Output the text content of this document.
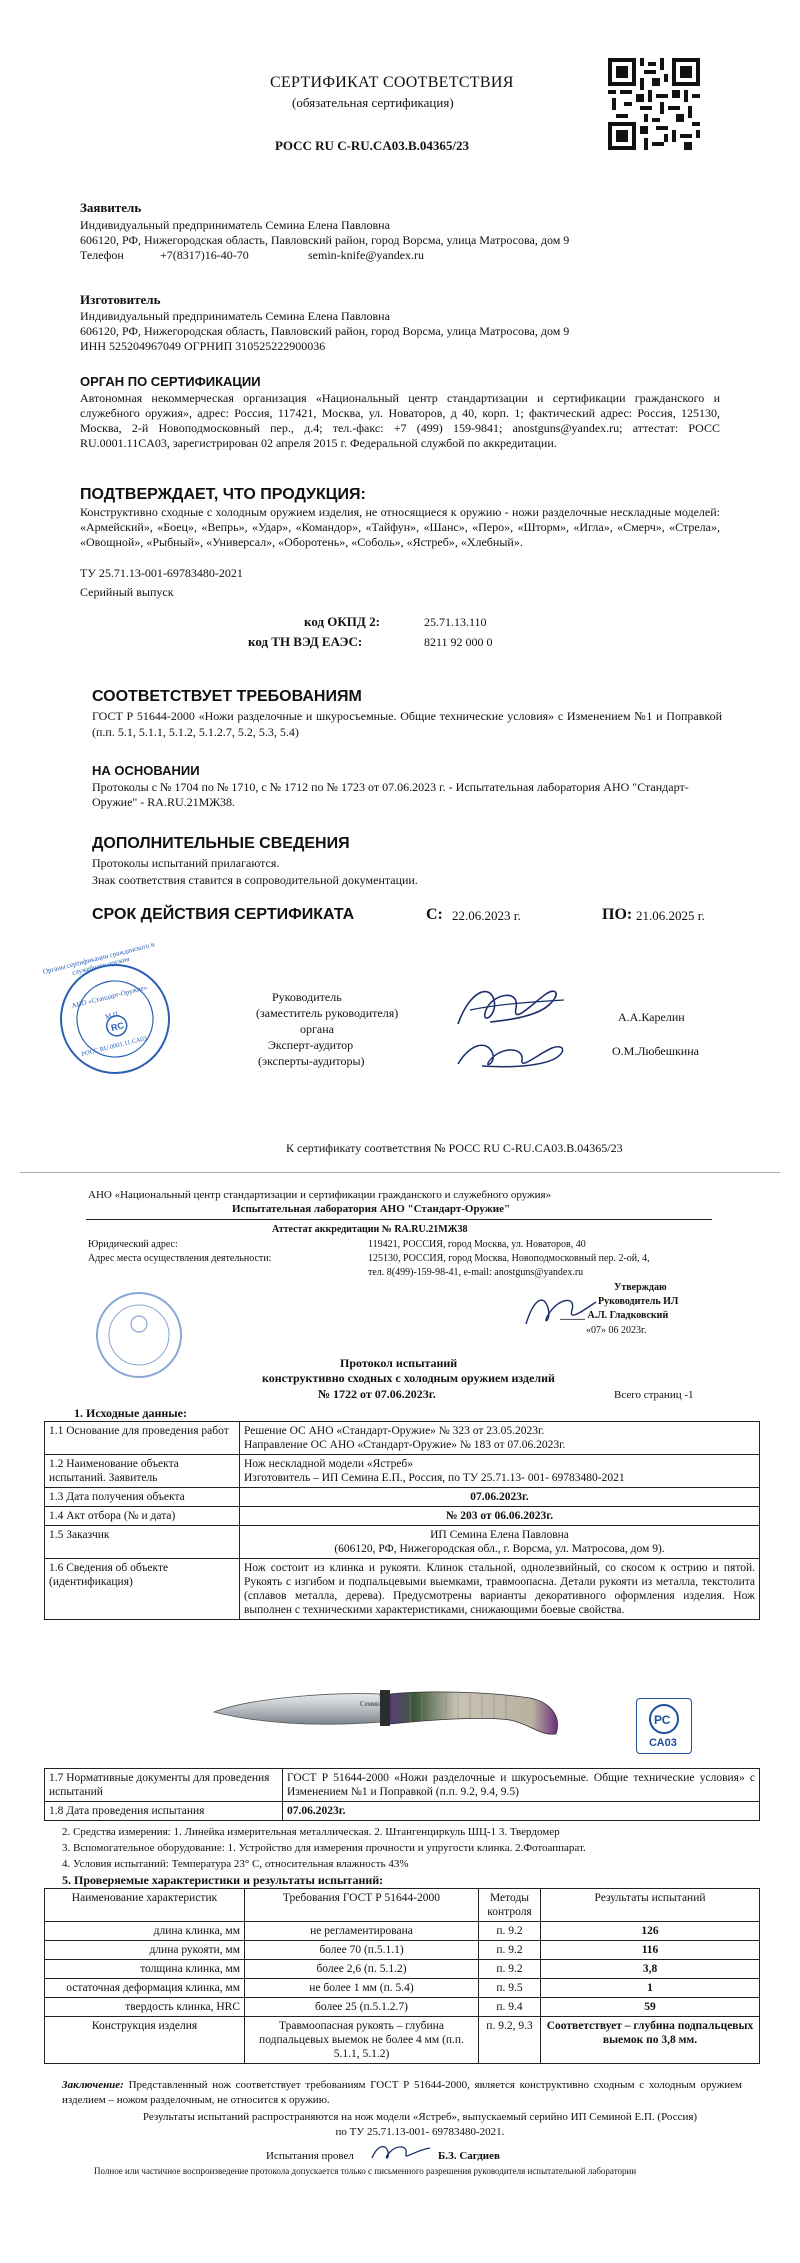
СЕРТИФИКАТ СООТВЕТСТВИЯ
(обязательная сертификация)
РОСС RU C-RU.CA03.B.04365/23
Заявитель
Индивидуальный предприниматель Семина Елена Павловна
606120, РФ, Нижегородская область, Павловский район, город Ворсма, улица Матросова, дом 9
Телефон	+7(8317)16-40-70	semin-knife@yandex.ru
Изготовитель
Индивидуальный предприниматель Семина Елена Павловна
606120, РФ, Нижегородская область, Павловский район, город Ворсма, улица Матросова, дом 9
ИНН 525204967049 ОГРНИП 310525222900036
ОРГАН ПО СЕРТИФИКАЦИИ
Автономная некоммерческая организация «Национальный центр стандартизации и сертификации гражданского и служебного оружия», адрес: Россия, 117421, Москва, ул. Новаторов, д 40, корп. 1; фактический адрес: Россия, 125130, Москва, 2-й Новоподмосковный пер., д.4; тел.-факс: +7 (499) 159-9841; anostguns@yandex.ru; аттестат: РОСС RU.0001.11CA03, зарегистрирован 02 апреля 2015 г. Федеральной службой по аккредитации.
ПОДТВЕРЖДАЕТ, ЧТО ПРОДУКЦИЯ:
Конструктивно сходные с холодным оружием изделия, не относящиеся к оружию - ножи разделочные нескладные моделей: «Армейский», «Боец», «Вепрь», «Удар», «Командор», «Тайфун», «Шанс», «Перо», «Шторм», «Игла», «Смерч», «Стрела», «Овощной», «Рыбный», «Универсал», «Оборотень», «Соболь», «Ястреб», «Хлебный».
ТУ 25.71.13-001-69783480-2021
Серийный выпуск
код ОКПД 2:	25.71.13.110
код ТН ВЭД ЕАЭС:	8211 92 000 0
СООТВЕТСТВУЕТ ТРЕБОВАНИЯМ
ГОСТ Р 51644-2000 «Ножи разделочные и шкуросъемные. Общие технические условия» с Изменением №1 и Поправкой (п.п. 5.1, 5.1.1, 5.1.2, 5.1.2.7, 5.2, 5.3, 5.4)
НА ОСНОВАНИИ
Протоколы с № 1704 по № 1710, с № 1712 по № 1723 от 07.06.2023 г. - Испытательная лаборатория АНО "Стандарт-Оружие" - RA.RU.21МЖ38.
ДОПОЛНИТЕЛЬНЫЕ СВЕДЕНИЯ
Протоколы испытаний прилагаются.
Знак соответствия ставится в сопроводительной документации.
СРОК ДЕЙСТВИЯ СЕРТИФИКАТА	С: 22.06.2023 г.	ПО: 21.06.2025 г.
RС
Органы сертификации гражданского и служебного оружия
АНО «Стандарт-Оружие»
М.П.
РОСС RU.0001.11.СА03
Руководитель
(заместитель руководителя)
органа
Эксперт-аудитор
(эксперты-аудиторы)
А.А.Карелин
О.М.Любешкина
К сертификату соответствия № РОСС RU C-RU.CA03.B.04365/23
АНО «Национальный центр стандартизации и сертификации гражданского и служебного оружия»
Испытательная лаборатория АНО "Стандарт-Оружие"
Аттестат аккредитации № RA.RU.21МЖ38
Юридический адрес:	119421, РОССИЯ, город Москва, ул. Новаторов, 40
Адрес места осуществления деятельности:	125130, РОССИЯ, город Москва, Новоподмосковный пер. 2-ой, 4,
тел. 8(499)-159-98-41, e-mail: anostguns@yandex.ru
Утверждаю
Руководитель ИЛ
_____ А.Л. Гладковский
«07» 06 2023г.
Протокол испытаний
конструктивно сходных с холодным оружием изделий
№ 1722 от 07.06.2023г.	Всего страниц -1
1. Исходные данные:
1.1 Основание для проведения работ	Решение ОС АНО «Стандарт-Оружие» № 323 от 23.05.2023г.
Направление ОС АНО «Стандарт-Оружие» № 183 от 07.06.2023г.
1.2 Наименование объекта испытаний. Заявитель	Нож нескладной модели «Ястреб»
Изготовитель – ИП Семина Е.П., Россия, по ТУ 25.71.13- 001- 69783480-2021
1.3 Дата получения объекта	07.06.2023г.
1.4 Акт отбора (№ и дата)	№ 203 от 06.06.2023г.
1.5 Заказчик	ИП Семина Елена Павловна
(606120, РФ, Нижегородская обл., г. Ворсма, ул. Матросова, дом 9).
1.6 Сведения об объекте (идентификация)	Нож состоит из клинка и рукояти. Клинок стальной, однолезвийный, со скосом к острию и пятой. Рукоять с изгибом и подпальцевыми выемками, травмоопасна. Детали рукояти из металла, текстолита (сплавов металла, дерева). Предусмотрены варианты декоративного оформления изделия. Нож выполнен с техническими характеристиками, снижающими боевые свойства.
Семин
РС
СА03
1.7 Нормативные документы для проведения испытаний	ГОСТ Р 51644-2000 «Ножи разделочные и шкуросъемные. Общие технические условия» с Изменением №1 и Поправкой (п.п. 9.2, 9.4, 9.5)
1.8 Дата проведения испытания	07.06.2023г.
2. Средства измерения: 1. Линейка измерительная металлическая. 2. Штангенциркуль ШЦ-1 3. Твердомер
3. Вспомогательное оборудование: 1. Устройство для измерения прочности и упругости клинка. 2.Фотоаппарат.
4. Условия испытаний: Температура 23° С, относительная влажность 43%
5. Проверяемые характеристики и результаты испытаний:
Наименование характеристик	Требования ГОСТ Р 51644-2000	Методы контроля	Результаты испытаний
длина клинка, мм	не регламентирована	п. 9.2	126
длина рукояти, мм	более 70 (п.5.1.1)	п. 9.2	116
толщина клинка, мм	более 2,6 (п. 5.1.2)	п. 9.2	3,8
остаточная деформация клинка, мм	не более 1 мм (п. 5.4)	п. 9.5	1
твердость клинка, HRC	более 25 (п.5.1.2.7)	п. 9.4	59
Конструкция изделия	Травмоопасная рукоять – глубина подпальцевых выемок не более 4 мм (п.п. 5.1.1, 5.1.2)	п. 9.2, 9.3	Соответствует – глубина подпальцевых выемок по 3,8 мм.
Заключение: Представленный нож соответствует требованиям ГОСТ Р 51644-2000, является конструктивно сходным с холодным оружием изделием – ножом разделочным, не относится к оружию.
Результаты испытаний распространяются на нож модели «Ястреб», выпускаемый серийно ИП Семиной Е.П. (Россия) по ТУ 25.71.13-001- 69783480-2021.
Испытания провел	Б.З. Сагдиев
Полное или частичное воспроизведение протокола допускается только с письменного разрешения руководителя испытательной лаборатории
